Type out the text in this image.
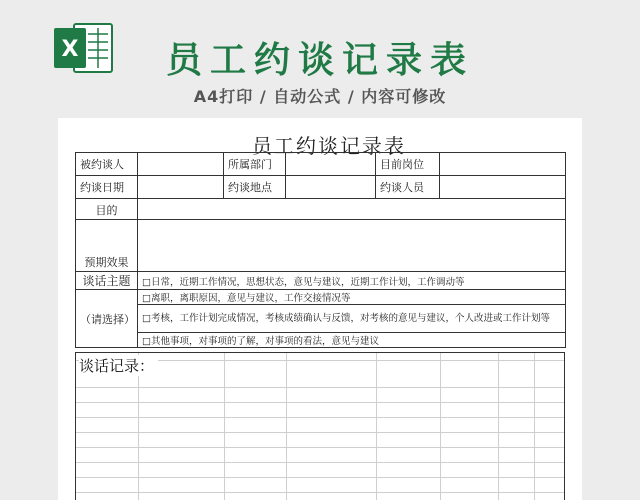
X	员工约谈记录表
A4打印 / 自动公式 / 内容可修改
员工约谈记录表
被约谈人		所属部门		目前岗位	
约谈日期		约谈地点		约谈人员	
目的					
预期效果					
谈话主题	□日常，近期工作情况，思想状态，意见与建议，近期工作计划，工作调动等				
（请选择）	□离职，离职原因，意见与建议，工作交接情况等				
	□考核，工作计划完成情况，考核成绩确认与反馈，对考核的意见与建议，个人改进或工作计划等				
	□其他事项，对事项的了解，对事项的看法，意见与建议				
谈话记录：
